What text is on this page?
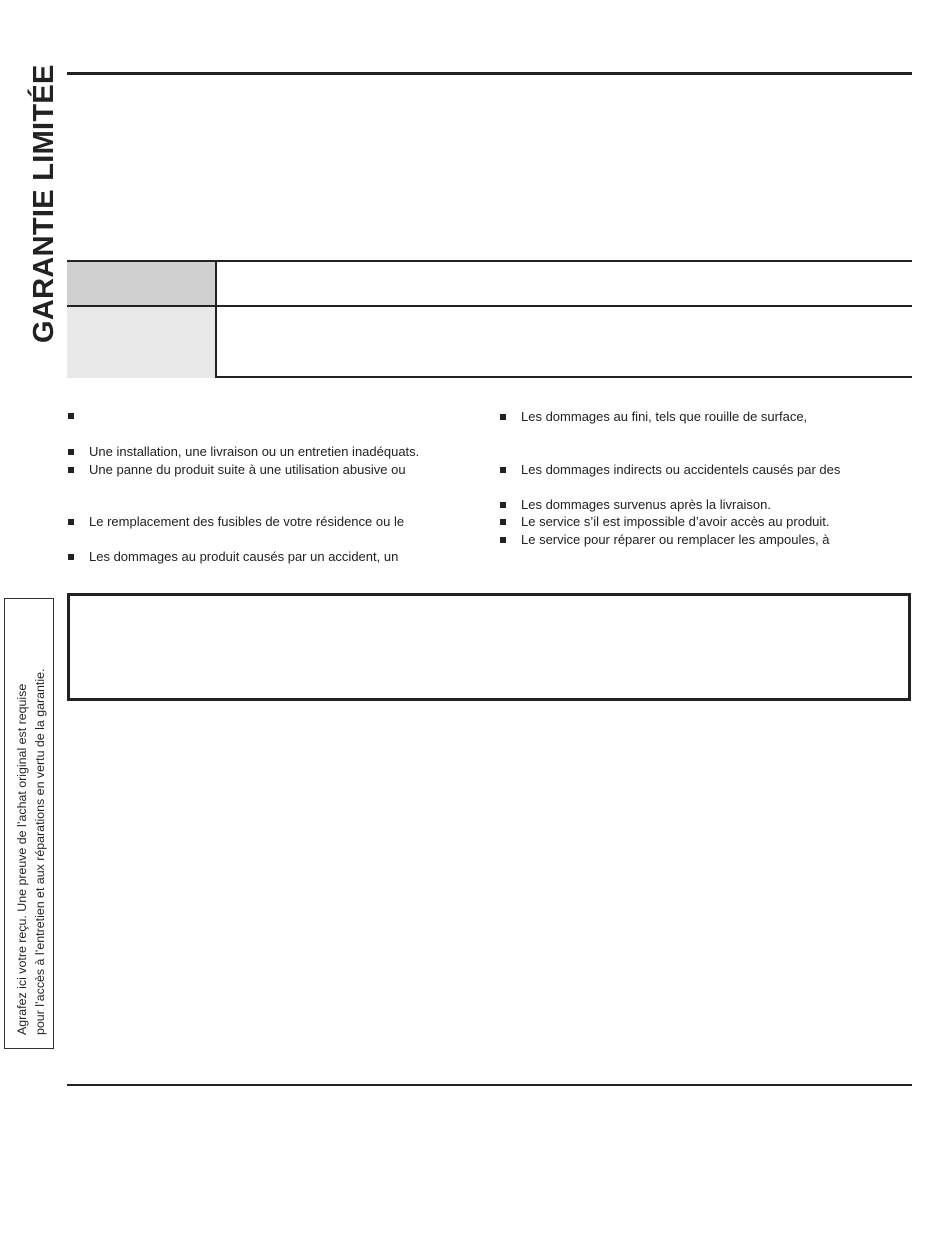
GARANTIE LIMITÉE
Une installation, une livraison ou un entretien inadéquats.
Une panne du produit suite à une utilisation abusive ou
Le remplacement des fusibles de votre résidence ou le
Les dommages au produit causés par un accident, un
Les dommages au fini, tels que rouille de surface,
Les dommages indirects ou accidentels causés par des
Les dommages survenus après la livraison.
Le service s’il est impossible d’avoir accès au produit.
Le service pour réparer ou remplacer les ampoules, à
Agrafez ici votre reçu. Une preuve de l’achat original est requise pour l’accès à l’entretien et aux réparations en vertu de la garantie.
